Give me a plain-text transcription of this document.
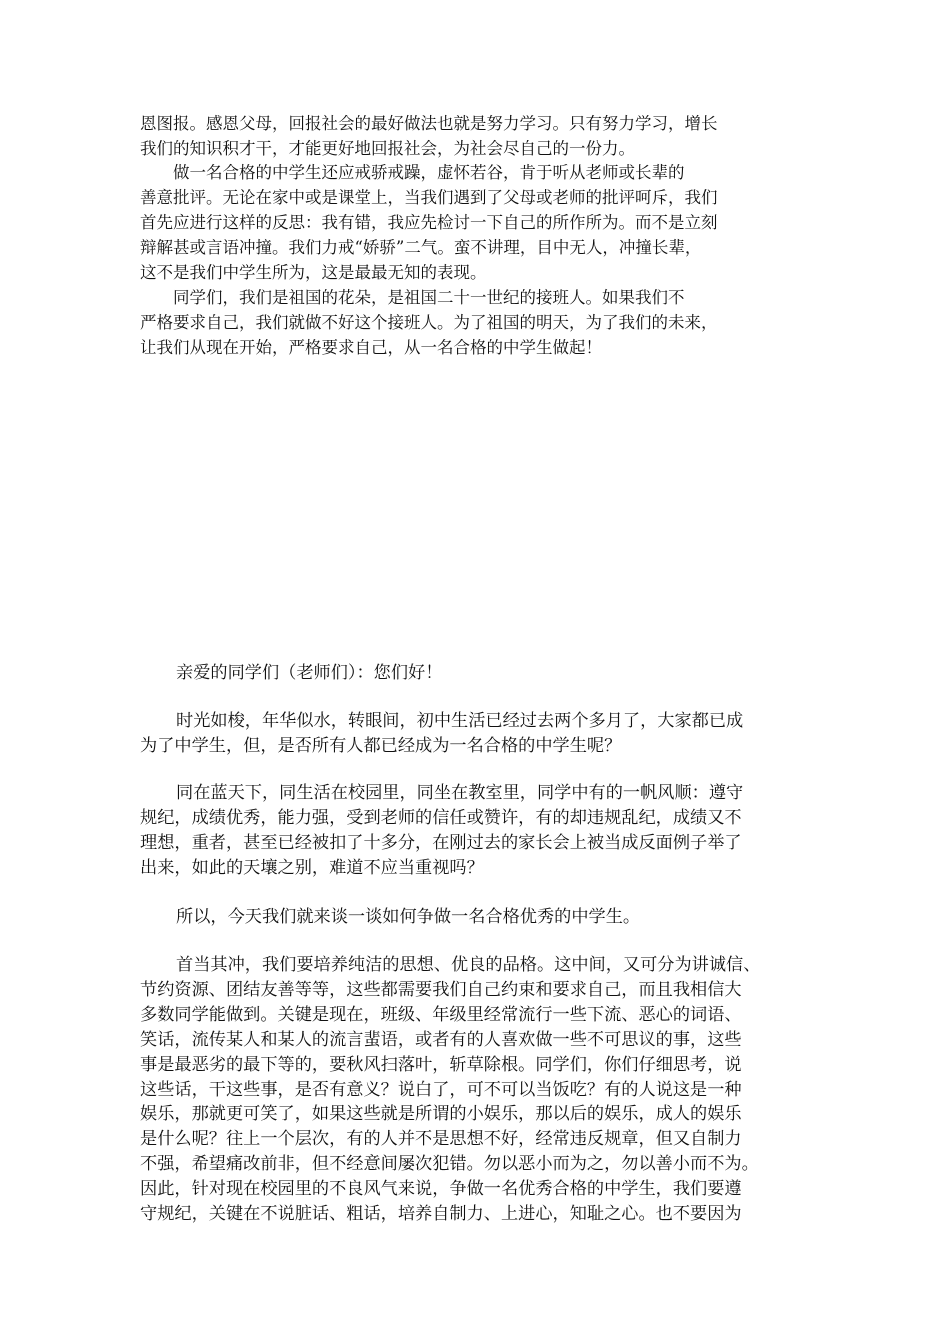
恩图报。感恩父母，回报社会的最好做法也就是努力学习。只有努力学习，增长
我们的知识积才干，才能更好地回报社会，为社会尽自己的一份力。
　　做一名合格的中学生还应戒骄戒躁，虚怀若谷，肯于听从老师或长辈的
善意批评。无论在家中或是课堂上，当我们遇到了父母或老师的批评呵斥，我们
首先应进行这样的反思：我有错，我应先检讨一下自己的所作所为。而不是立刻
辩解甚或言语冲撞。我们力戒“娇骄”二气。蛮不讲理，目中无人，冲撞长辈，
这不是我们中学生所为，这是最最无知的表现。
　　同学们，我们是祖国的花朵，是祖国二十一世纪的接班人。如果我们不
严格要求自己，我们就做不好这个接班人。为了祖国的明天，为了我们的未来，
让我们从现在开始，严格要求自己，从一名合格的中学生做起！
亲爱的同学们（老师们）：您们好！
时光如梭，年华似水，转眼间，初中生活已经过去两个多月了，大家都已成
为了中学生，但，是否所有人都已经成为一名合格的中学生呢？
同在蓝天下，同生活在校园里，同坐在教室里，同学中有的一帆风顺：遵守
规纪，成绩优秀，能力强，受到老师的信任或赞许，有的却违规乱纪，成绩又不
理想，重者，甚至已经被扣了十多分，在刚过去的家长会上被当成反面例子举了
出来，如此的天壤之别，难道不应当重视吗？
所以，今天我们就来谈一谈如何争做一名合格优秀的中学生。
首当其冲，我们要培养纯洁的思想、优良的品格。这中间，又可分为讲诚信、
节约资源、团结友善等等，这些都需要我们自己约束和要求自己，而且我相信大
多数同学能做到。关键是现在，班级、年级里经常流行一些下流、恶心的词语、
笑话，流传某人和某人的流言蜚语，或者有的人喜欢做一些不可思议的事，这些
事是最恶劣的最下等的，要秋风扫落叶，斩草除根。同学们，你们仔细思考，说
这些话，干这些事，是否有意义？说白了，可不可以当饭吃？有的人说这是一种
娱乐，那就更可笑了，如果这些就是所谓的小娱乐，那以后的娱乐，成人的娱乐
是什么呢？往上一个层次，有的人并不是思想不好，经常违反规章，但又自制力
不强，希望痛改前非，但不经意间屡次犯错。勿以恶小而为之，勿以善小而不为。
因此，针对现在校园里的不良风气来说，争做一名优秀合格的中学生，我们要遵
守规纪，关键在不说脏话、粗话，培养自制力、上进心，知耻之心。也不要因为
